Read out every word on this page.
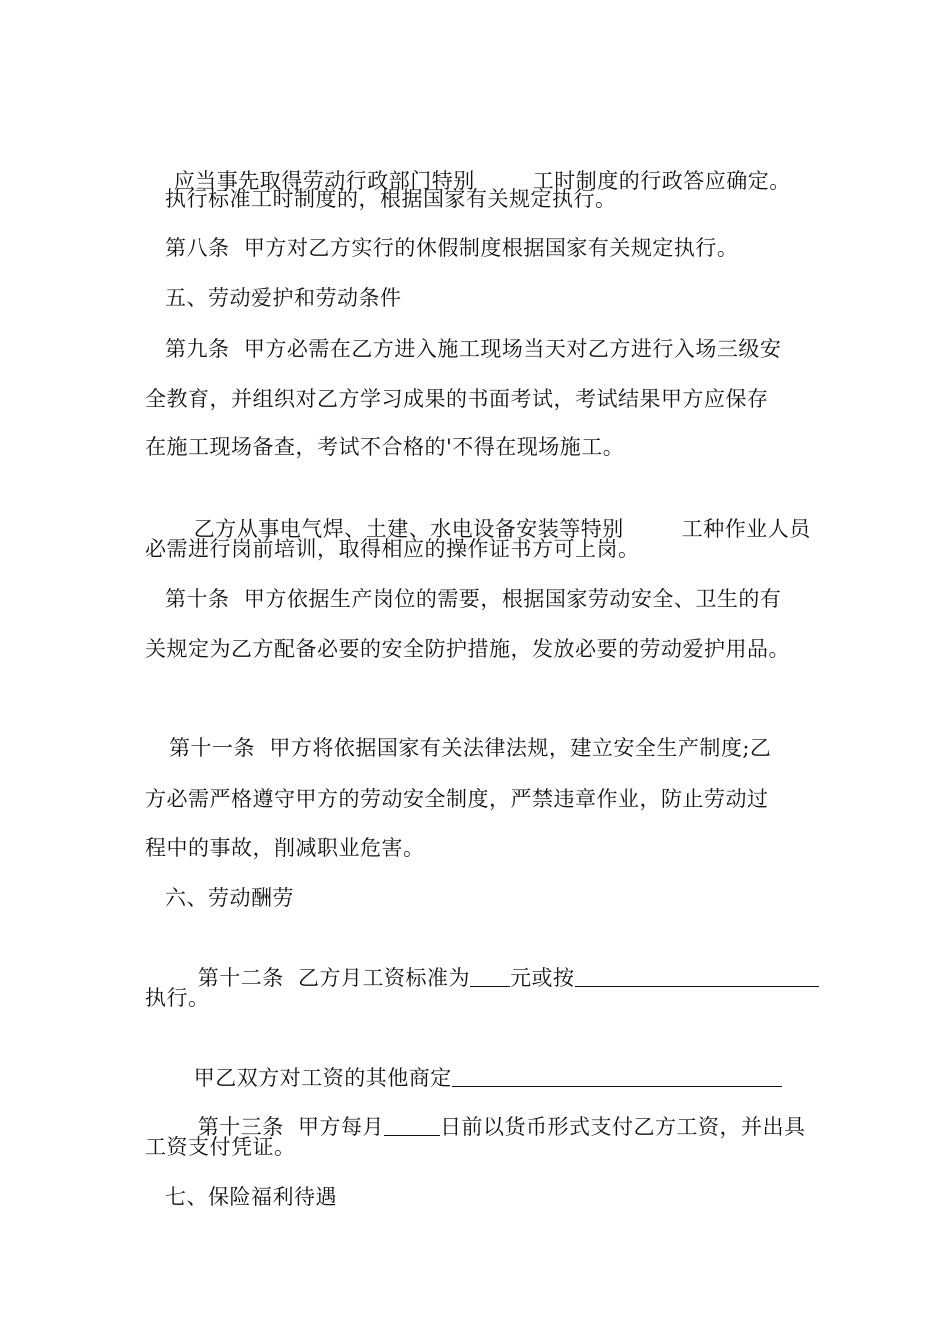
应当事先取得劳动行政部门特别	工时制度的行政答应确定。

执行标准工时制度的，根据国家有关规定执行。
第八条  甲方对乙方实行的休假制度根据国家有关规定执行。
五、劳动爱护和劳动条件
第九条  甲方必需在乙方进入施工现场当天对乙方进行入场三级安
全教育，并组织对乙方学习成果的书面考试，考试结果甲方应保存
在施工现场备查，考试不合格的'不得在现场施工。

乙方从事电气焊、土建、水电设备安装等特别	工种作业人员

必需进行岗前培训，取得相应的操作证书方可上岗。
第十条  甲方依据生产岗位的需要，根据国家劳动安全、卫生的有
关规定为乙方配备必要的安全防护措施，发放必要的劳动爱护用品。
第十一条  甲方将依据国家有关法律法规，建立安全生产制度;乙
方必需严格遵守甲方的劳动安全制度，严禁违章作业，防止劳动过
程中的事故，削减职业危害。
六、劳动酬劳

第十二条  乙方月工资标准为 元或按

执行。

甲乙双方对工资的其他商定

第十三条  甲方每月	日前以货币形式支付乙方工资，并出具

工资支付凭证。
七、保险福利待遇
